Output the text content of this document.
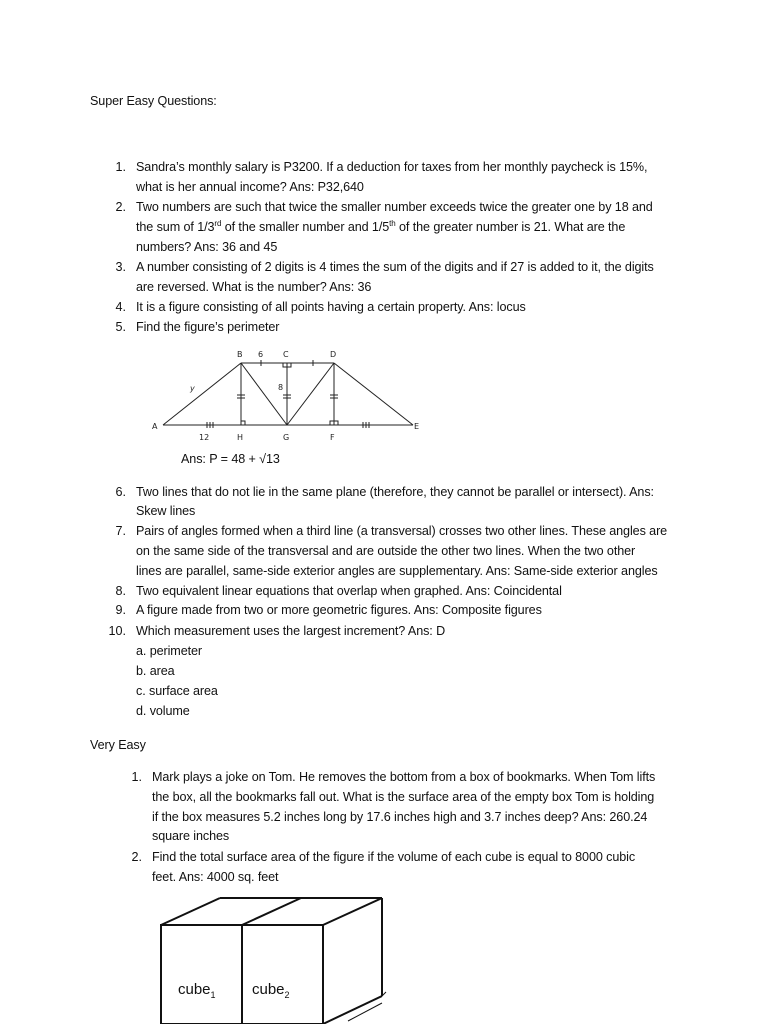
Super Easy Questions:
1. Sandra’s monthly salary is P3200. If a deduction for taxes from her monthly paycheck is 15%,
what is her annual income? Ans: P32,640
2. Two numbers are such that twice the smaller number exceeds twice the greater one by 18 and
the sum of 1/3rd of the smaller number and 1/5th of the greater number is 21. What are the
numbers? Ans: 36 and 45
3. A number consisting of 2 digits is 4 times the sum of the digits and if 27 is added to it, the digits
are reversed. What is the number? Ans: 36
4. It is a figure consisting of all points having a certain property. Ans: locus
5. Find the figure’s perimeter
B 6 C	D
A	E
y	8
12	H	G	F
Ans: P = 48 + √13
6. Two lines that do not lie in the same plane (therefore, they cannot be parallel or intersect). Ans:
Skew lines
7. Pairs of angles formed when a third line (a transversal) crosses two other lines. These angles are
on the same side of the transversal and are outside the other two lines. When the two other
lines are parallel, same-side exterior angles are supplementary. Ans: Same-side exterior angles
8. Two equivalent linear equations that overlap when graphed. Ans: Coincidental
9. A figure made from two or more geometric figures. Ans: Composite figures
10. Which measurement uses the largest increment? Ans: D
a. perimeter
b. area
c. surface area
d. volume
Very Easy
1. Mark plays a joke on Tom. He removes the bottom from a box of bookmarks. When Tom lifts
the box, all the bookmarks fall out. What is the surface area of the empty box Tom is holding
if the box measures 5.2 inches long by 17.6 inches high and 3.7 inches deep? Ans: 260.24
square inches
2. Find the total surface area of the figure if the volume of each cube is equal to 8000 cubic
feet. Ans: 4000 sq. feet
cube$_1$ cube$_2$
